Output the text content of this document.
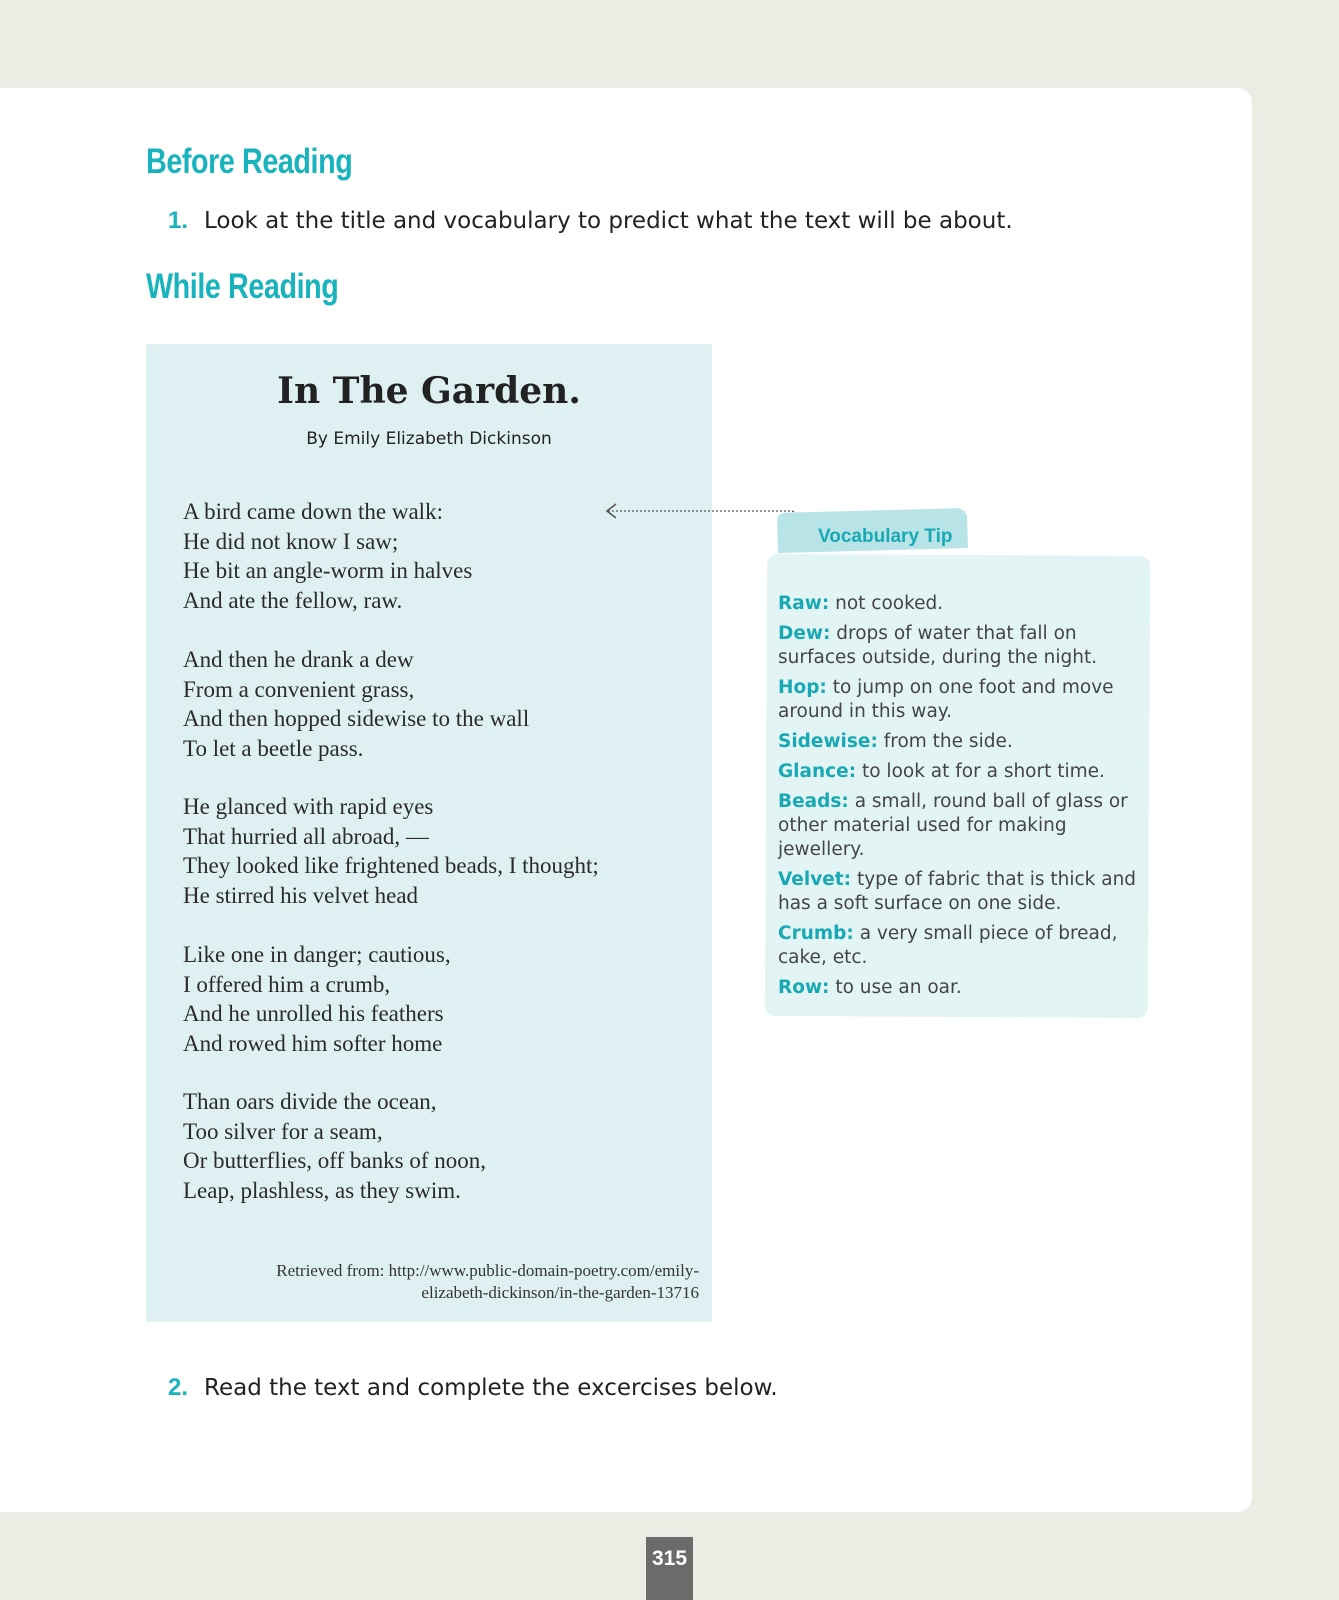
Before Reading
1. Look at the title and vocabulary to predict what the text will be about.
While Reading
In The Garden.
By Emily Elizabeth Dickinson
A bird came down the walk:
He did not know I saw;
He bit an angle-worm in halves
And ate the fellow, raw.
And then he drank a dew
From a convenient grass,
And then hopped sidewise to the wall
To let a beetle pass.
He glanced with rapid eyes
That hurried all abroad, —
They looked like frightened beads, I thought;
He stirred his velvet head
Like one in danger; cautious,
I offered him a crumb,
And he unrolled his feathers
And rowed him softer home
Than oars divide the ocean,
Too silver for a seam,
Or butterflies, off banks of noon,
Leap, plashless, as they swim.
Retrieved from: http://www.public-domain-poetry.com/emily-
elizabeth-dickinson/in-the-garden-13716
Vocabulary Tip
Raw: not cooked.
Dew: drops of water that fall on surfaces outside, during the night.
Hop: to jump on one foot and move around in this way.
Sidewise: from the side.
Glance: to look at for a short time.
Beads: a small, round ball of glass or other material used for making jewellery.
Velvet: type of fabric that is thick and has a soft surface on one side.
Crumb: a very small piece of bread, cake, etc.
Row: to use an oar.
2. Read the text and complete the excercises below.
315
